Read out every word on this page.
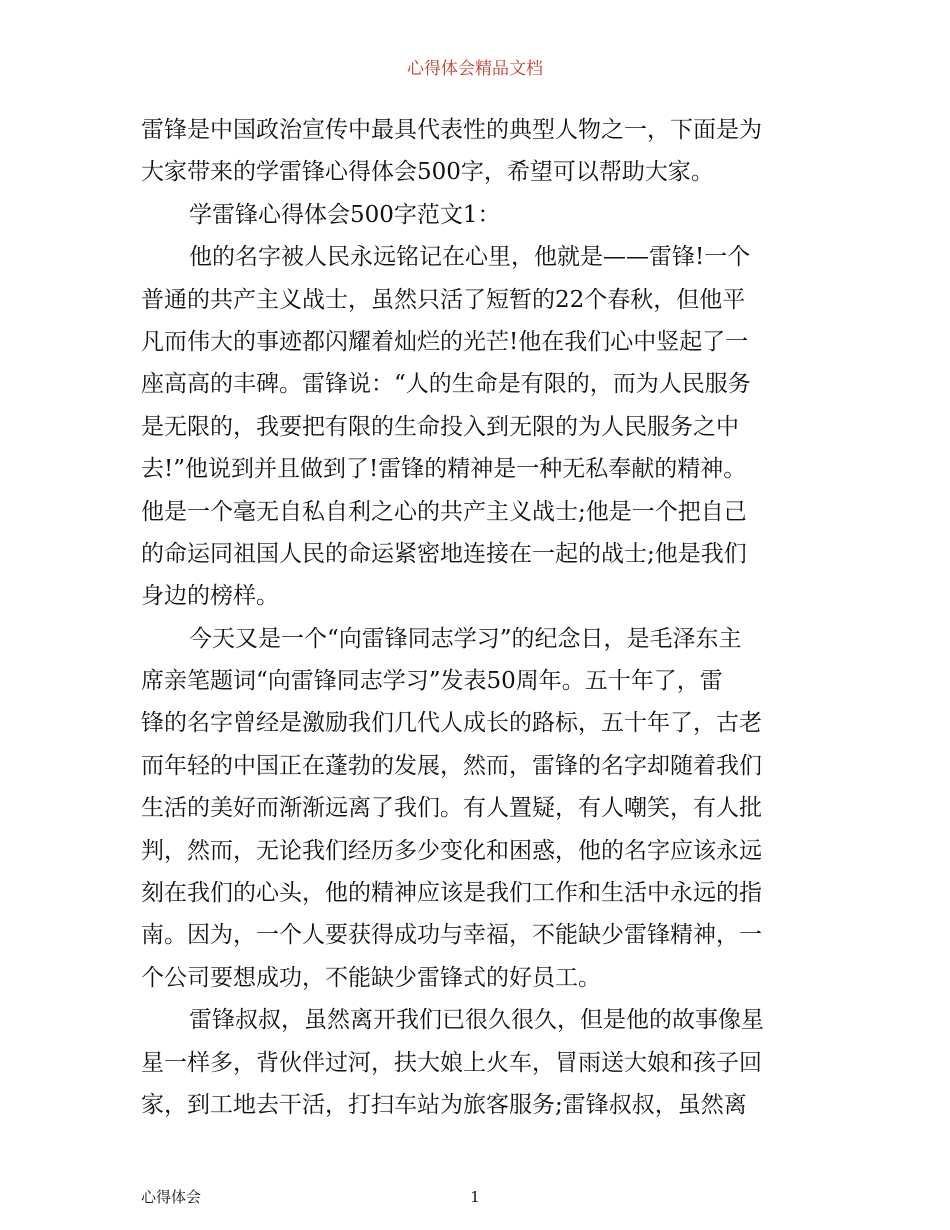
心得体会精品文档
雷锋是中国政治宣传中最具代表性的典型人物之一，下面是为
大家带来的学雷锋心得体会500字，希望可以帮助大家。
学雷锋心得体会500字范文1：
他的名字被人民永远铭记在心里，他就是——雷锋!一个
普通的共产主义战士，虽然只活了短暂的22个春秋，但他平
凡而伟大的事迹都闪耀着灿烂的光芒!他在我们心中竖起了一
座高高的丰碑。雷锋说：“人的生命是有限的，而为人民服务
是无限的，我要把有限的生命投入到无限的为人民服务之中
去!”他说到并且做到了!雷锋的精神是一种无私奉献的精神。
他是一个毫无自私自利之心的共产主义战士;他是一个把自己
的命运同祖国人民的命运紧密地连接在一起的战士;他是我们
身边的榜样。
今天又是一个“向雷锋同志学习”的纪念日，是毛泽东主
席亲笔题词“向雷锋同志学习”发表50周年。五十年了，雷
锋的名字曾经是激励我们几代人成长的路标，五十年了，古老
而年轻的中国正在蓬勃的发展，然而，雷锋的名字却随着我们
生活的美好而渐渐远离了我们。有人置疑，有人嘲笑，有人批
判，然而，无论我们经历多少变化和困惑，他的名字应该永远
刻在我们的心头，他的精神应该是我们工作和生活中永远的指
南。因为，一个人要获得成功与幸福，不能缺少雷锋精神，一
个公司要想成功，不能缺少雷锋式的好员工。
雷锋叔叔，虽然离开我们已很久很久，但是他的故事像星
星一样多，背伙伴过河，扶大娘上火车，冒雨送大娘和孩子回
家，到工地去干活，打扫车站为旅客服务;雷锋叔叔，虽然离
心得体会	1
